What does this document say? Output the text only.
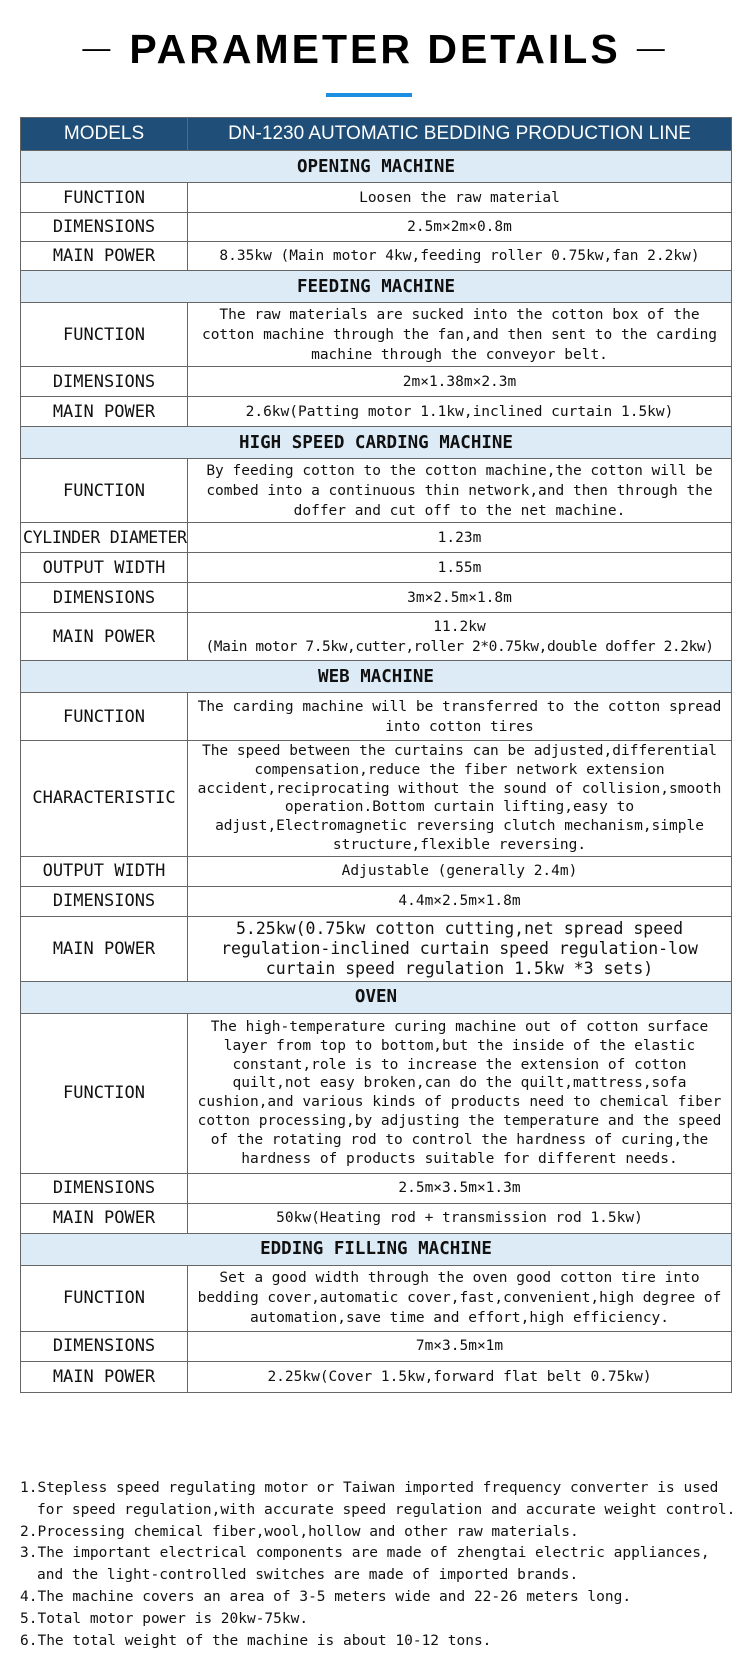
— PARAMETER DETAILS —
MODELS	DN-1230 AUTOMATIC BEDDING PRODUCTION LINE
OPENING MACHINE	
FUNCTION	Loosen the raw material
DIMENSIONS	2.5m×2m×0.8m
MAIN POWER	8.35kw (Main motor 4kw,feeding roller 0.75kw,fan 2.2kw)
FEEDING MACHINE	
FUNCTION	The raw materials are sucked into the cotton box of the cotton machine through the fan,and then sent to the carding machine through the conveyor belt.
DIMENSIONS	2m×1.38m×2.3m
MAIN POWER	2.6kw(Patting motor 1.1kw,inclined curtain 1.5kw)
HIGH SPEED CARDING MACHINE	
FUNCTION	By feeding cotton to the cotton machine,the cotton will be combed into a continuous thin network,and then through the doffer and cut off to the net machine.
CYLINDER DIAMETER	1.23m
OUTPUT WIDTH	1.55m
DIMENSIONS	3m×2.5m×1.8m
MAIN POWER	11.2kw
(Main motor 7.5kw,cutter,roller 2*0.75kw,double doffer 2.2kw)

WEB MACHINE	
FUNCTION	The carding machine will be transferred to the cotton spread into cotton tires
CHARACTERISTIC	The speed between the curtains can be adjusted,differential compensation,reduce the fiber network extension accident,reciprocating without the sound of collision,smooth operation.Bottom curtain lifting,easy to adjust,Electromagnetic reversing clutch mechanism,simple structure,flexible reversing.
OUTPUT WIDTH	Adjustable (generally 2.4m)
DIMENSIONS	4.4m×2.5m×1.8m
MAIN POWER	5.25kw(0.75kw cotton cutting,net spread speed regulation-inclined curtain speed regulation-low curtain speed regulation 1.5kw *3 sets)
OVEN	
FUNCTION	The high-temperature curing machine out of cotton surface layer from top to bottom,but the inside of the elastic constant,role is to increase the extension of cotton quilt,not easy broken,can do the quilt,mattress,sofa cushion,and various kinds of products need to chemical fiber cotton processing,by adjusting the temperature and the speed of the rotating rod to control the hardness of curing,the hardness of products suitable for different needs.
DIMENSIONS	2.5m×3.5m×1.3m
MAIN POWER	50kw(Heating rod + transmission rod 1.5kw)
EDDING FILLING MACHINE	
FUNCTION	Set a good width through the oven good cotton tire into bedding cover,automatic cover,fast,convenient,high degree of automation,save time and effort,high efficiency.
DIMENSIONS	7m×3.5m×1m
MAIN POWER	2.25kw(Cover 1.5kw,forward flat belt 0.75kw)
1.Stepless speed regulating motor or Taiwan imported frequency converter is used for speed regulation,with accurate speed regulation and accurate weight control.
2.Processing chemical fiber,wool,hollow and other raw materials.
3.The important electrical components are made of zhengtai electric appliances, and the light-controlled switches are made of imported brands.
4.The machine covers an area of 3-5 meters wide and 22-26 meters long.
5.Total motor power is 20kw-75kw.
6.The total weight of the machine is about 10-12 tons.
